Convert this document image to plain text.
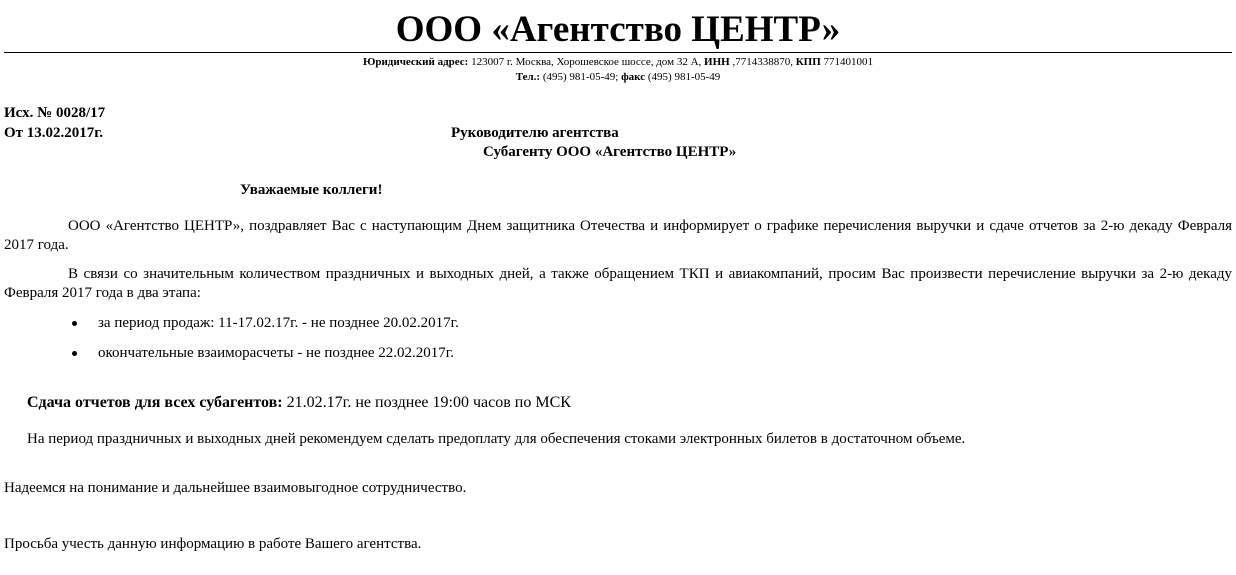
ООО «Агентство ЦЕНТР»
Юридический адрес: 123007 г. Москва, Хорошевское шоссе, дом 32 А, ИНН ,7714338870, КПП 771401001
Тел.: (495) 981-05-49; факс (495) 981-05-49
Исх. № 0028/17
От 13.02.2017г.	Руководителю агентства
Субагенту ООО «Агентство ЦЕНТР»
Уважаемые коллеги!

ООО «Агентство ЦЕНТР», поздравляет Вас с наступающим Днем защитника Отечества и информирует о графике перечисления выручки и сдаче отчетов за 2-ю декаду Февраля 2017 года.

В связи со значительным количеством праздничных и выходных дней, а также обращением ТКП и авиакомпаний, просим Вас произвести перечисление выручки за 2-ю декаду Февраля 2017 года в два этапа:

за период продаж: 11-17.02.17г. - не позднее 20.02.2017г.
окончательные взаиморасчеты - не позднее 22.02.2017г.
Сдача отчетов для всех субагентов: 21.02.17г. не позднее 19:00 часов по МСК
На период праздничных и выходных дней рекомендуем сделать предоплату для обеспечения стоками электронных билетов в достаточном объеме.
Надеемся на понимание и дальнейшее взаимовыгодное сотрудничество.
Просьба учесть данную информацию в работе Вашего агентства.
